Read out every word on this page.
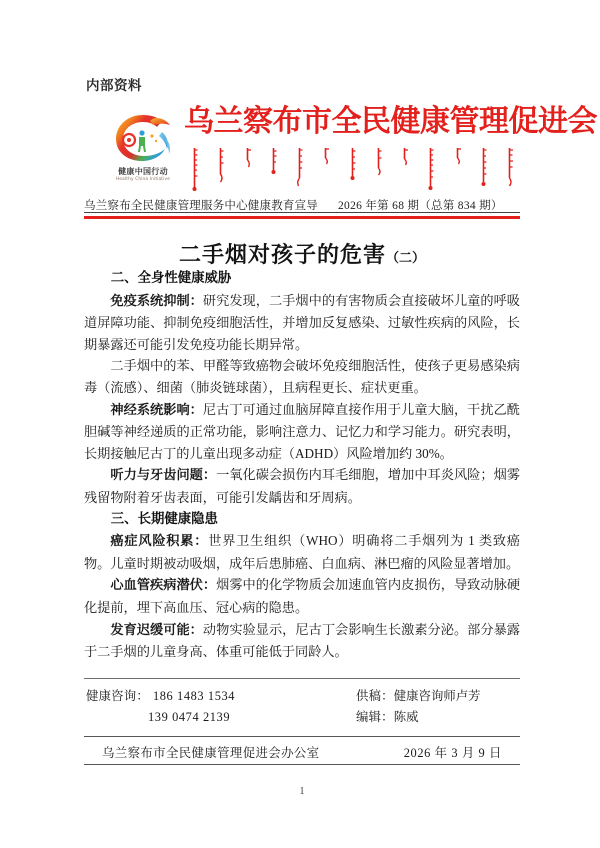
内部资料
健康中国行动
Healthy China Initiative
乌兰察布市全民健康管理促进会
乌兰察布全民健康管理服务中心健康教育宣导 2026 年第 68 期（总第 834 期）
二手烟对孩子的危害（二）

二、全身性健康威胁

免疫系统抑制：研究发现，二手烟中的有害物质会直接破坏儿童的呼吸道屏障功能、抑制免疫细胞活性，并增加反复感染、过敏性疾病的风险，长期暴露还可能引发免疫功能长期异常。

二手烟中的苯、甲醛等致癌物会破坏免疫细胞活性，使孩子更易感染病毒（流感）、细菌（肺炎链球菌），且病程更长、症状更重。

神经系统影响：尼古丁可通过血脑屏障直接作用于儿童大脑，干扰乙酰胆碱等神经递质的正常功能，影响注意力、记忆力和学习能力。研究表明，长期接触尼古丁的儿童出现多动症（ADHD）风险增加约 30%。

听力与牙齿问题：一氧化碳会损伤内耳毛细胞，增加中耳炎风险；烟雾残留物附着牙齿表面，可能引发龋齿和牙周病。

三、长期健康隐患

癌症风险积累：世界卫生组织（WHO）明确将二手烟列为 1 类致癌物。儿童时期被动吸烟，成年后患肺癌、白血病、淋巴瘤的风险显著增加。

心血管疾病潜伏：烟雾中的化学物质会加速血管内皮损伤，导致动脉硬化提前，埋下高血压、冠心病的隐患。

发育迟缓可能：动物实验显示，尼古丁会影响生长激素分泌。部分暴露于二手烟的儿童身高、体重可能低于同龄人。

健康咨询： 186 1483 1534
139 0474 2139
供稿：健康咨询师卢芳
编辑：陈威
乌兰察布市全民健康管理促进会办公室	2026 年 3 月 9 日
1
